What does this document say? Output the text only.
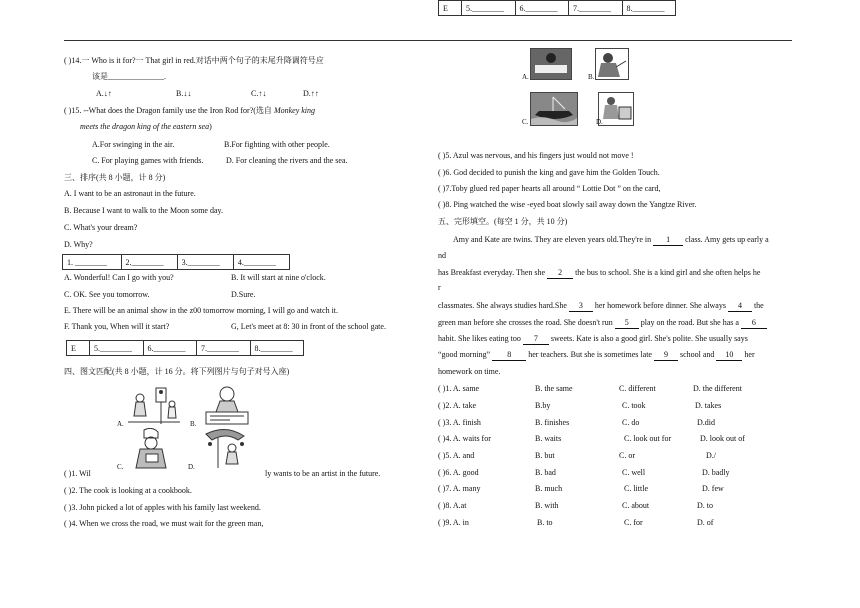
E	5.________	6.________	7.________	8.________
( )14.一 Who is it for?一 That girl in red.对话中两个句子的末尾升降调符号应
该是______________.
A.↓↑	B.↓↓	C.↑↓	D.↑↑
( )15. --What does the Dragon family use the Iron Rod for?(选自 Monkey king
meets the dragon king of the eastern sea)
A.For swinging in the air.	B.For fighting with other people.
C. For playing games with friends.	D. For cleaning the rivers and the sea.
三、排序(共 8 小题，计 8 分)
A. I want to be an astronaut in the future.
B. Because I want to walk to the Moon some day.
C. What's your dream?
D. Why?
1. ________	2.________	3.________	4.________
A. Wonderful! Can I go with you?	B. It will start at nine o'clock.
C. OK. See you tomorrow.	D.Sure.
E. There will be an animal show in the z00 tomorrow morning, I will go and watch it.
F. Thank you, When will it start?	G, Let's meet at 8: 30 in front of the school gate.
E	5.________	6.________	7.________	8.________
四、图文匹配(共 8 小题，计 16 分。将下列图片与句子对号入座)
A.	B.
C.	D.
( )1. Wil	ly wants to be an artist in the future.
( )2. The cook is looking at a cookbook.
( )3. John picked a lot of apples with his family last weekend.
( )4. When we cross the road, we must wait for the green man,
A.	B.
C.	D.
( )5. Azul was nervous, and his fingers just would not move !
( )6. God decided to punish the king and gave him the Golden Touch.
( )7.Toby glued red paper hearts all around “ Lottie Dot ” on the card,
( )8. Ping watched the wise -eyed boat slowly sail away down the Yangtze River.
五、完形填空。(每空 1 分，共 10 分)
Amy and Kate are twins. They are eleven years old.They're in 1 class. Amy gets up early a
nd
has Breakfast everyday. Then she 2 the bus to school. She is a kind girl and she often helps he
r
classmates. She always studies hard.She 3 her homework before dinner. She always 4 the
green man before she crosses the road. She doesn't run 5 play on the road. But she has a 6
habit. She likes eating too 7 sweets. Kate is also a good girl. She's polite. She usually says
“good morning” 8 her teachers. But she is sometimes late 9 school and 10 her
homework on time.
( )1. A. same	B. the same	C. different	D. the different
( )2. A. take	B.by	C. took	D. takes
( )3. A. finish	B. finishes	C. do	D.did
( )4. A. waits for	B. waits	C. look out for	D. look out of
( )5. A. and	B. but	C. or	D./
( )6. A. good	B. bad	C. well	D. badly
( )7. A. many	B. much	C. little	D. few
( )8. A.at	B. with	C. about	D. to
( )9. A. in	B. to	C. for	D. of
